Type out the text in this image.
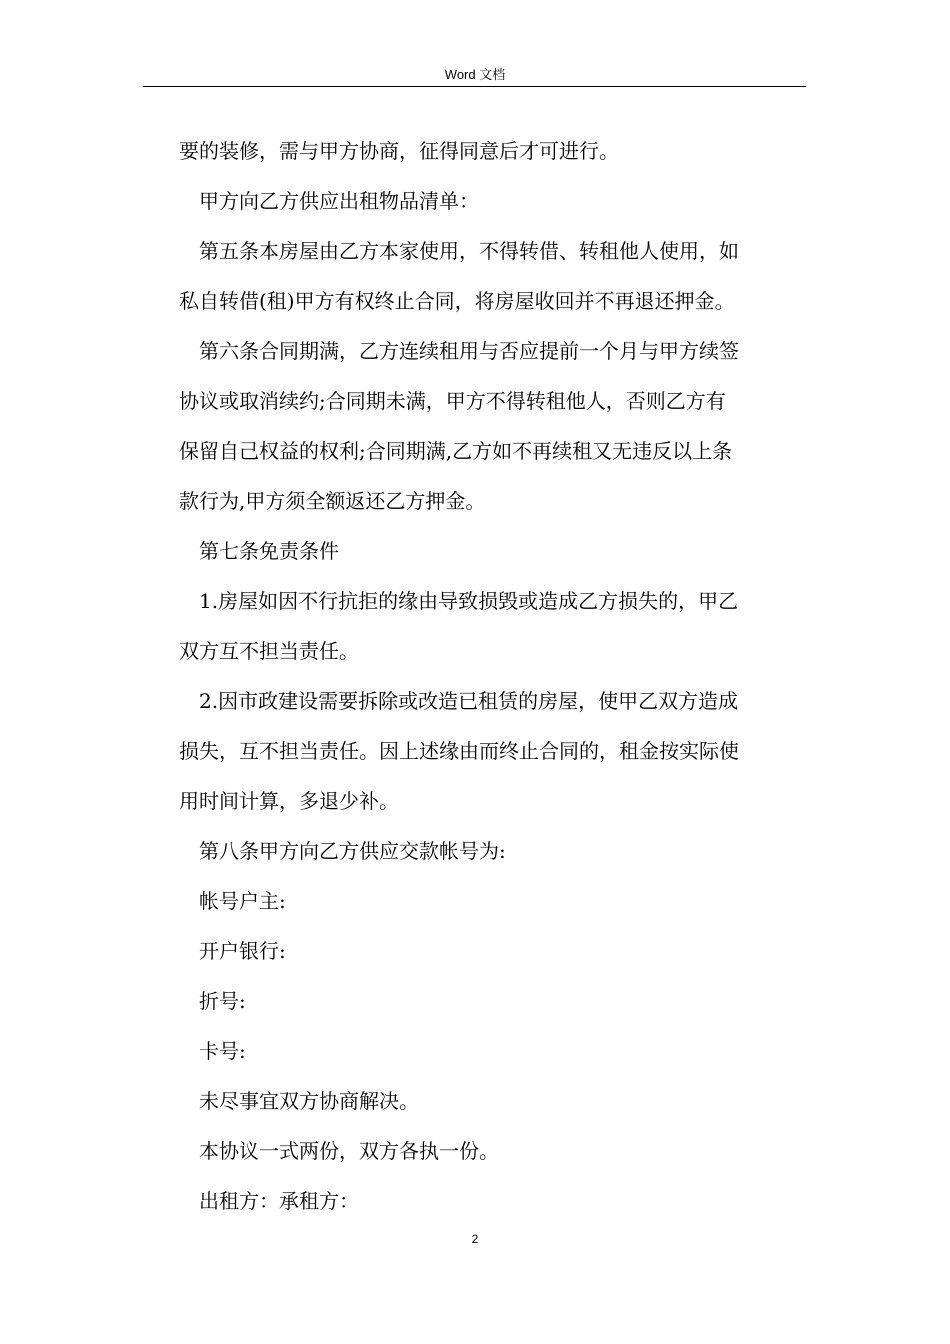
Word 文档

要的装修，需与甲方协商，征得同意后才可进行。

甲方向乙方供应出租物品清单：

第五条本房屋由乙方本家使用，不得转借、转租他人使用，如

私自转借(租)甲方有权终止合同，将房屋收回并不再退还押金。

第六条合同期满，乙方连续租用与否应提前一个月与甲方续签

协议或取消续约;合同期未满，甲方不得转租他人，否则乙方有

保留自己权益的权利;合同期满,乙方如不再续租又无违反以上条

款行为,甲方须全额返还乙方押金。

第七条免责条件

1.房屋如因不行抗拒的缘由导致损毁或造成乙方损失的，甲乙

双方互不担当责任。

2.因市政建设需要拆除或改造已租赁的房屋，使甲乙双方造成

损失，互不担当责任。因上述缘由而终止合同的，租金按实际使

用时间计算，多退少补。

第八条甲方向乙方供应交款帐号为:

帐号户主:

开户银行:

折号:

卡号:

未尽事宜双方协商解决。

本协议一式两份，双方各执一份。

出租方：承租方：

2
